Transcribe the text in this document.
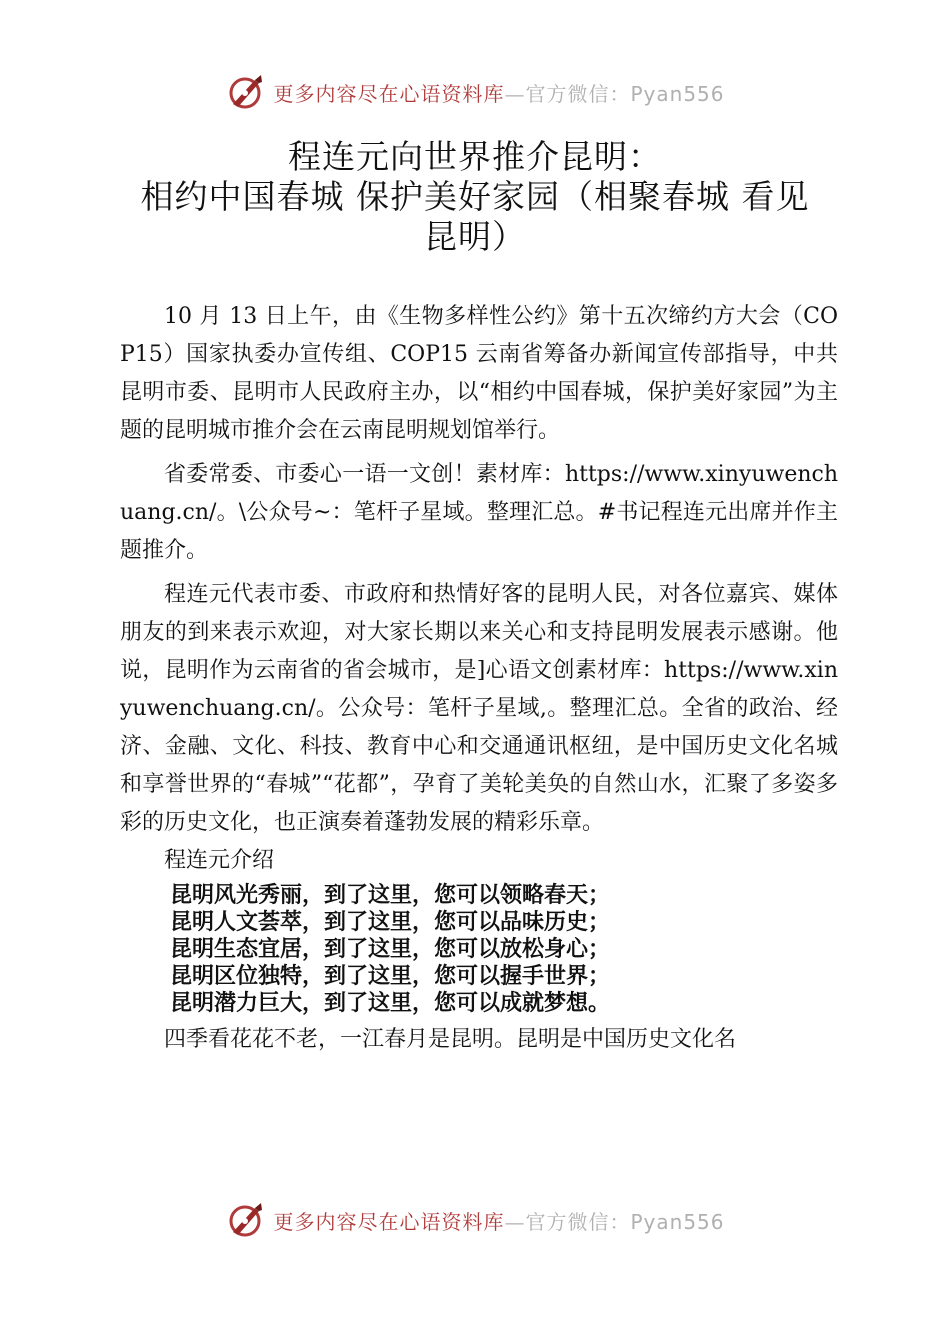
更多内容尽在心语资料库—官方微信：Pyan556
程连元向世界推介昆明：
相约中国春城 保护美好家园（相聚春城 看见
昆明）

10 月 13 日上午，由《生物多样性公约》第十五次缔约方大会（COP15）国家执委办宣传组、COP15 云南省筹备办新闻宣传部指导，中共昆明市委、昆明市人民政府主办，以“相约中国春城，保护美好家园”为主题的昆明城市推介会在云南昆明规划馆举行。

省委常委、市委心一语一文创！素材库：https://www.xinyuwenchuang.cn/。\公众号~：笔杆子星域。整理汇总。#书记程连元出席并作主题推介。

程连元代表市委、市政府和热情好客的昆明人民，对各位嘉宾、媒体朋友的到来表示欢迎，对大家长期以来关心和支持昆明发展表示感谢。他说，昆明作为云南省的省会城市，是]心语文创素材库：https://www.xinyuwenchuang.cn/。公众号：笔杆子星域,。整理汇总。全省的政治、经济、金融、文化、科技、教育中心和交通通讯枢纽，是中国历史文化名城和享誉世界的“春城”“花都”，孕育了美轮美奂的自然山水，汇聚了多姿多彩的历史文化，也正演奏着蓬勃发展的精彩乐章。

程连元介绍

昆明风光秀丽，到了这里，您可以领略春天；
昆明人文荟萃，到了这里，您可以品味历史；
昆明生态宜居，到了这里，您可以放松身心；
昆明区位独特，到了这里，您可以握手世界；
昆明潜力巨大，到了这里，您可以成就梦想。

四季看花花不老，一江春月是昆明。昆明是中国历史文化名

更多内容尽在心语资料库—官方微信：Pyan556
